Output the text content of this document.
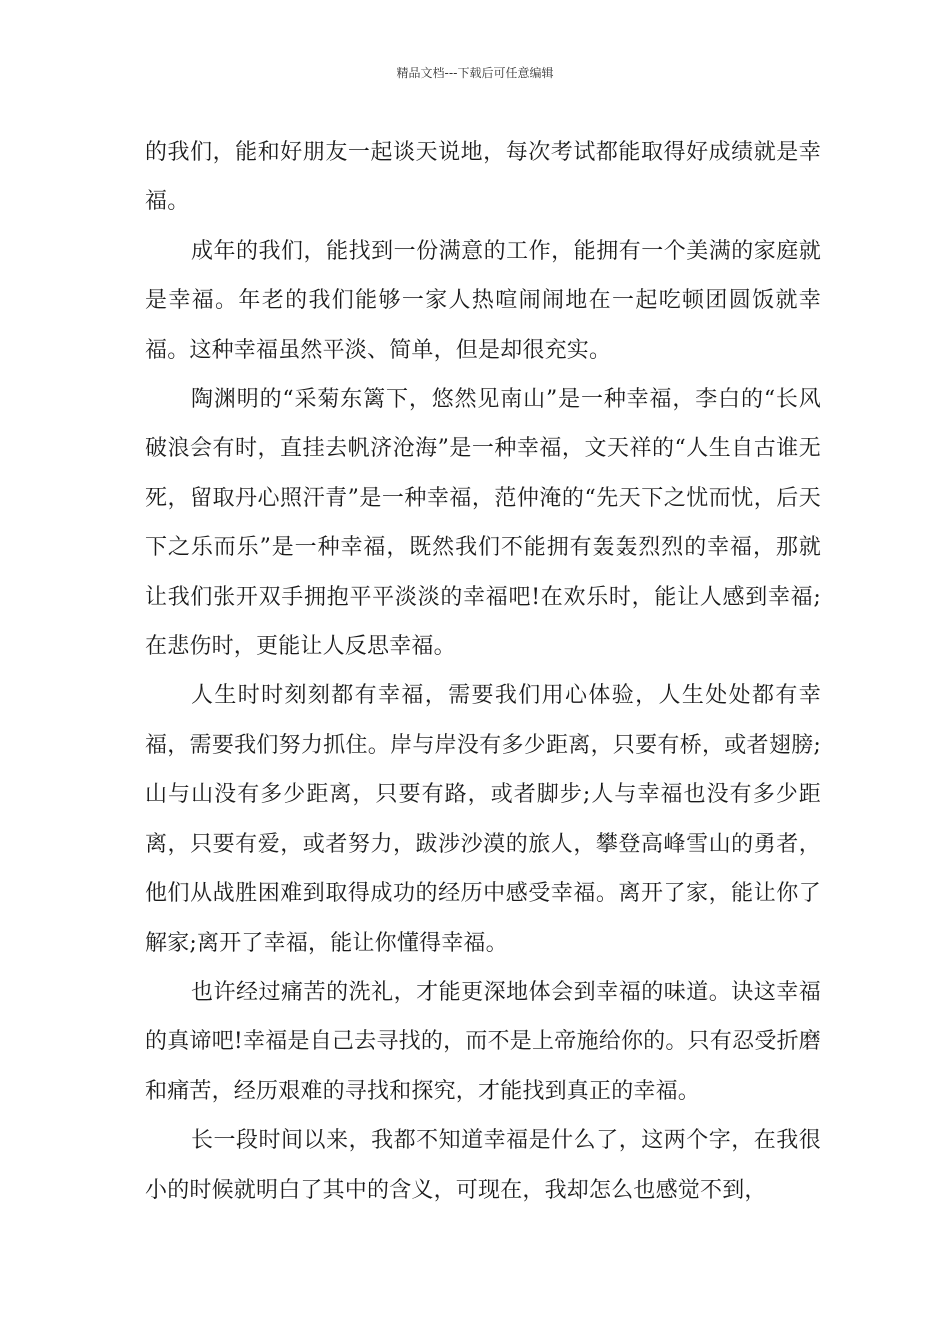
精品文档---下载后可任意编辑

的我们，能和好朋友一起谈天说地，每次考试都能取得好成绩就是幸福。

成年的我们，能找到一份满意的工作，能拥有一个美满的家庭就是幸福。年老的我们能够一家人热喧闹闹地在一起吃顿团圆饭就幸福。这种幸福虽然平淡、简单，但是却很充实。

陶渊明的“采菊东篱下，悠然见南山”是一种幸福，李白的“长风破浪会有时，直挂去帆济沧海”是一种幸福，文天祥的“人生自古谁无死，留取丹心照汗青”是一种幸福，范仲淹的“先天下之忧而忧，后天下之乐而乐”是一种幸福，既然我们不能拥有轰轰烈烈的幸福，那就让我们张开双手拥抱平平淡淡的幸福吧!在欢乐时，能让人感到幸福;在悲伤时，更能让人反思幸福。

人生时时刻刻都有幸福，需要我们用心体验，人生处处都有幸福，需要我们努力抓住。岸与岸没有多少距离，只要有桥，或者翅膀;山与山没有多少距离，只要有路，或者脚步;人与幸福也没有多少距离，只要有爱，或者努力，跋涉沙漠的旅人，攀登高峰雪山的勇者，他们从战胜困难到取得成功的经历中感受幸福。离开了家，能让你了解家;离开了幸福，能让你懂得幸福。

也许经过痛苦的洗礼，才能更深地体会到幸福的味道。诀这幸福的真谛吧!幸福是自己去寻找的，而不是上帝施给你的。只有忍受折磨和痛苦，经历艰难的寻找和探究，才能找到真正的幸福。

长一段时间以来，我都不知道幸福是什么了，这两个字，在我很小的时候就明白了其中的含义，可现在，我却怎么也感觉不到，
